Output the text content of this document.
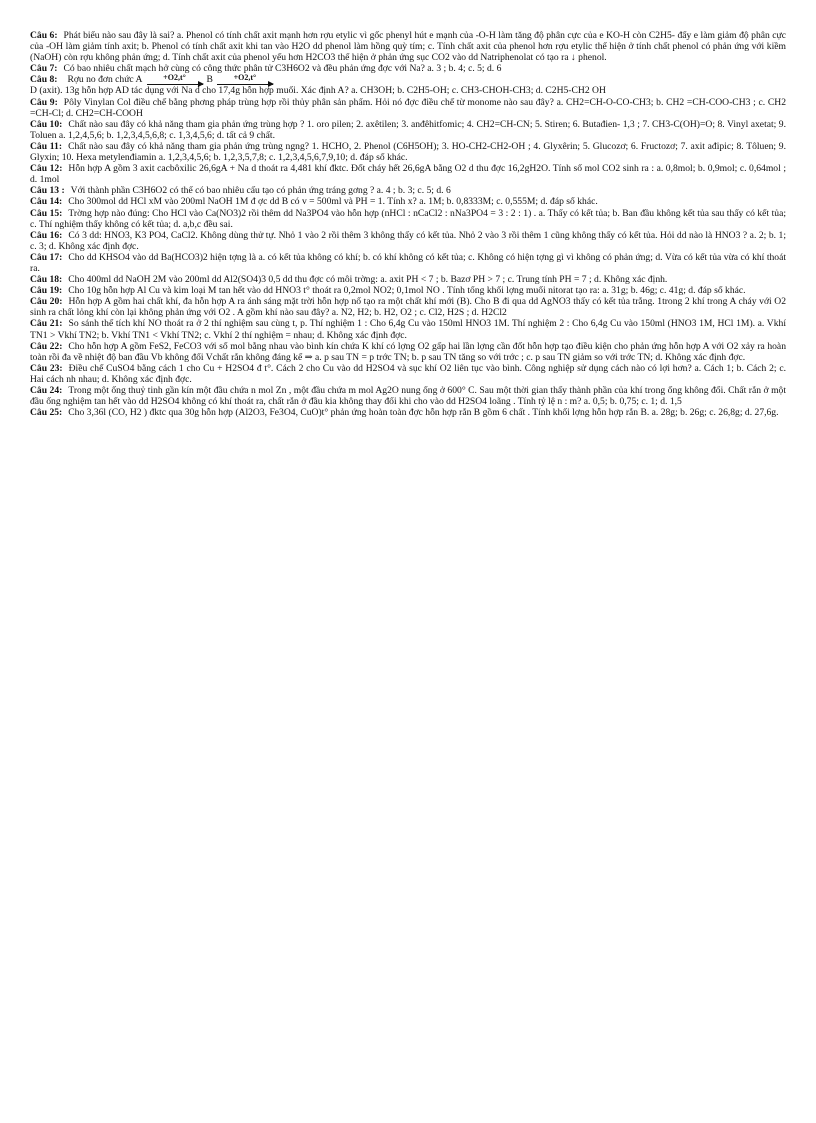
Câu 6: Phát biểu nào sau đây là sai? a. Phenol có tính chất axit mạnh hơn rợu etylic vì gốc phenyl hút e mạnh của -O-H làm tăng độ phân cực của e KO-H còn C2H5- đẩy e làm giảm độ phân cực của -OH làm giảm tính axit; b. Phenol có tính chất axit khi tan vào H2O dd phenol làm hồng quỳ tím; c. Tính chất axit của phenol hơn rợu etylic thể hiện ở tính chất phenol có phản ứng với kiềm (NaOH) còn rợu không phản ứng; d. Tính chất axit của phenol yếu hơn H2CO3 thể hiện ở phản ứng sục CO2 vào dd Natriphenolat có tạo ra ↓ phenol.

Câu 7: Có bao nhiêu chất mạch hở cùng có công thức phân tử C3H6O2 và đều phản ứng đợc với Na? a. 3 ; b. 4; c. 5; d. 6

Câu 8: Rợu no đơn chức A	+O2,t° B	+O2,t°

D (axit). 13g hỗn hợp AD tác dụng với Na d cho 17,4g hỗn hợp muối. Xác định A? a. CH3OH; b. C2H5-OH; c. CH3-CHOH-CH3; d. C2H5-CH2 OH

Câu 9: Pôly Vinylan Col điều chế bằng phơng pháp trùng hợp rồi thủy phân sản phẩm. Hỏi nó đợc điều chế từ monome nào sau đây? a. CH2=CH-O-CO-CH3; b. CH2 =CH-COO-CH3 ; c. CH2 =CH-Cl; d. CH2=CH-COOH

Câu 10: Chất nào sau đây có khả năng tham gia phản ứng trùng hợp ? 1. oro pilen; 2. axêtilen; 3. anđêhitfomic; 4. CH2=CH-CN; 5. Stiren; 6. Butađien- 1,3 ; 7. CH3-C(OH)=O; 8. Vinyl axetat; 9. Toluen a. 1,2,4,5,6; b. 1,2,3,4,5,6,8; c. 1,3,4,5,6; d. tất cả 9 chất.

Câu 11: Chất nào sau đây có khả năng tham gia phản ứng trùng ngng? 1. HCHO, 2. Phenol (C6H5OH); 3. HO-CH2-CH2-OH ; 4. Glyxêrin; 5. Glucozơ; 6. Fructozơ; 7. axit ađipic; 8. Tôluen; 9. Glyxin; 10. Hexa metylenđiamin a. 1,2,3,4,5,6; b. 1,2,3,5,7,8; c. 1,2,3,4,5,6,7,9,10; d. đáp số khác.

Câu 12: Hỗn hợp A gồm 3 axit cacbôxilic 26,6gA + Na d thoát ra 4,481 khí đktc. Đốt cháy hết 26,6gA bằng O2 d thu đợc 16,2gH2O. Tính số mol CO2 sinh ra : a. 0,8mol; b. 0,9mol; c. 0,64mol ; d. 1mol

Câu 13 : Với thành phần C3H6O2 có thể có bao nhiêu cấu tạo có phản ứng tráng gơng ? a. 4 ; b. 3; c. 5; d. 6

Câu 14: Cho 300mol dd HCl xM vào 200ml NaOH 1M đ ợc dd B có v = 500ml và PH = 1. Tính x? a. 1M; b. 0,8333M; c. 0,555M; d. đáp số khác.

Câu 15: Trờng hợp nào đúng: Cho HCl vào Ca(NO3)2 rồi thêm dd Na3PO4 vào hỗn hợp (nHCl : nCaCl2 : nNa3PO4 = 3 : 2 : 1) . a. Thấy có kết tủa; b. Ban đầu không kết tủa sau thấy có kết tủa; c. Thí nghiệm thấy không có kết tủa; d. a,b,c đều sai.

Câu 16: Có 3 dd: HNO3, K3 PO4, CaCl2. Không dùng thử tự. Nhỏ 1 vào 2 rồi thêm 3 không thấy có kết tủa. Nhỏ 2 vào 3 rồi thêm 1 cũng không thấy có kết tủa. Hỏi dd nào là HNO3 ? a. 2; b. 1; c. 3; d. Không xác định đợc.

Câu 17: Cho dd KHSO4 vào dd Ba(HCO3)2 hiện tợng là a. có kết tủa không có khí; b. có khí không có kết tủa; c. Không có hiện tợng gì vì không có phản ứng; d. Vừa có kết tủa vừa có khí thoát ra.

Câu 18: Cho 400ml dd NaOH 2M vào 200ml dd Al2(SO4)3 0,5 dd thu đợc có môi trờng: a. axit PH < 7 ; b. Bazơ PH > 7 ; c. Trung tính PH = 7 ; d. Không xác định.

Câu 19: Cho 10g hỗn hợp Al Cu và kim loại M tan hết vào dd HNO3 t° thoát ra 0,2mol NO2; 0,1mol NO . Tính tổng khối lợng muối nitorat tạo ra: a. 31g; b. 46g; c. 41g; d. đáp số khác.

Câu 20: Hỗn hợp A gồm hai chất khí, đa hỗn hợp A ra ánh sáng mặt trời hỗn hợp nổ tạo ra một chất khí mới (B). Cho B đi qua dd AgNO3 thấy có kết tủa trắng. 1trong 2 khí trong A cháy với O2 sinh ra chất lỏng khí còn lại không phản ứng với O2 . A gồm khí nào sau đây? a. N2, H2; b. H2, O2 ; c. Cl2, H2S ; d. H2Cl2

Câu 21: So sánh thể tích khí NO thoát ra ở 2 thí nghiệm sau cùng t, p. Thí nghiệm 1 : Cho 6,4g Cu vào 150ml HNO3 1M. Thí nghiệm 2 : Cho 6,4g Cu vào 150ml (HNO3 1M, HCl 1M). a. Vkhí TN1 > Vkhí TN2; b. Vkhí TN1 < Vkhí TN2; c. Vkhí 2 thí nghiệm = nhau; d. Không xác định đợc.

Câu 22: Cho hỗn hợp A gồm FeS2, FeCO3 với số mol bằng nhau vào bình kín chứa K khí có lợng O2 gấp hai lần lợng cần đốt hỗn hợp tạo điều kiện cho phản ứng hỗn hợp A với O2 xảy ra hoàn toàn rồi đa về nhiệt độ ban đầu Vb không đổi Vchất rắn không đáng kể ⇒ a. p sau TN = p trớc TN; b. p sau TN tăng so với trớc ; c. p sau TN giảm so với trớc TN; d. Không xác định đợc.

Câu 23: Điều chế CuSO4 bằng cách 1 cho Cu + H2SO4 đ t°. Cách 2 cho Cu vào dd H2SO4 và sục khí O2 liên tục vào bình. Công nghiệp sử dụng cách nào có lợi hơn? a. Cách 1; b. Cách 2; c. Hai cách nh nhau; d. Không xác định đợc.

Câu 24: Trong một ống thuỷ tinh gần kín một đầu chứa n mol Zn , một đầu chứa m mol Ag2O nung ống ở 600° C. Sau một thời gian thấy thành phần của khí trong ống không đổi. Chất rắn ở một đầu ống nghiệm tan hết vào dd H2SO4 không có khí thoát ra, chất rắn ở đầu kia không thay đổi khi cho vào dd H2SO4 loãng . Tính tỷ lệ n : m? a. 0,5; b. 0,75; c. 1; d. 1,5

Câu 25: Cho 3,36l (CO, H2 ) đktc qua 30g hỗn hợp (Al2O3, Fe3O4, CuO)t° phản ứng hoàn toàn đợc hỗn hợp rắn B gồm 6 chất . Tính khối lợng hỗn hợp rắn B. a. 28g; b. 26g; c. 26,8g; d. 27,6g.
